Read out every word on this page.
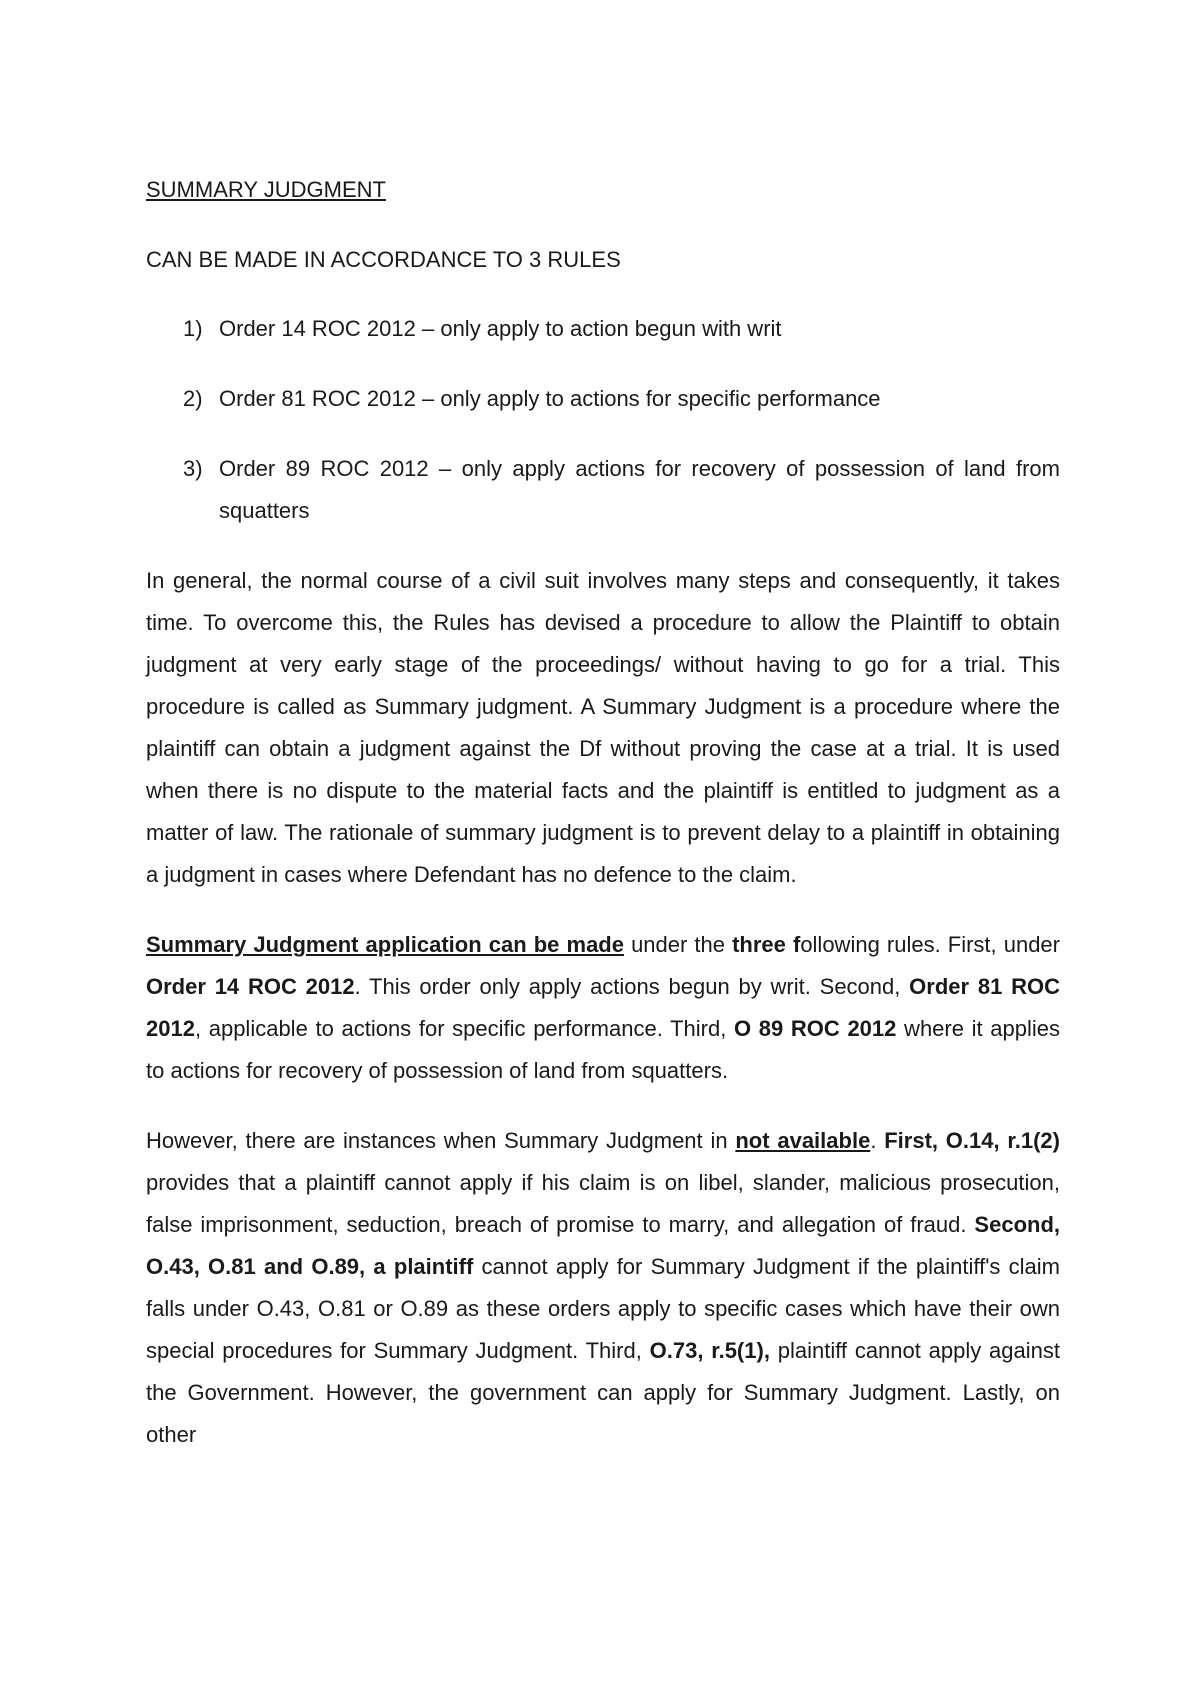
SUMMARY JUDGMENT
CAN BE MADE IN ACCORDANCE TO 3 RULES
1) Order 14 ROC 2012 – only apply to action begun with writ
2) Order 81 ROC 2012 – only apply to actions for specific performance
3) Order 89 ROC 2012 – only apply actions for recovery of possession of land from squatters

In general, the normal course of a civil suit involves many steps and consequently, it takes time. To overcome this, the Rules has devised a procedure to allow the Plaintiff to obtain judgment at very early stage of the proceedings/ without having to go for a trial. This procedure is called as Summary judgment. A Summary Judgment is a procedure where the plaintiff can obtain a judgment against the Df without proving the case at a trial. It is used when there is no dispute to the material facts and the plaintiff is entitled to judgment as a matter of law. The rationale of summary judgment is to prevent delay to a plaintiff in obtaining a judgment in cases where Defendant has no defence to the claim.

Summary Judgment application can be made under the three following rules. First, under Order 14 ROC 2012. This order only apply actions begun by writ. Second, Order 81 ROC 2012, applicable to actions for specific performance. Third, O 89 ROC 2012 where it applies to actions for recovery of possession of land from squatters.

However, there are instances when Summary Judgment in not available. First, O.14, r.1(2) provides that a plaintiff cannot apply if his claim is on libel, slander, malicious prosecution, false imprisonment, seduction, breach of promise to marry, and allegation of fraud. Second, O.43, O.81 and O.89, a plaintiff cannot apply for Summary Judgment if the plaintiff's claim falls under O.43, O.81 or O.89 as these orders apply to specific cases which have their own special procedures for Summary Judgment. Third, O.73, r.5(1), plaintiff cannot apply against the Government. However, the government can apply for Summary Judgment. Lastly, on other
